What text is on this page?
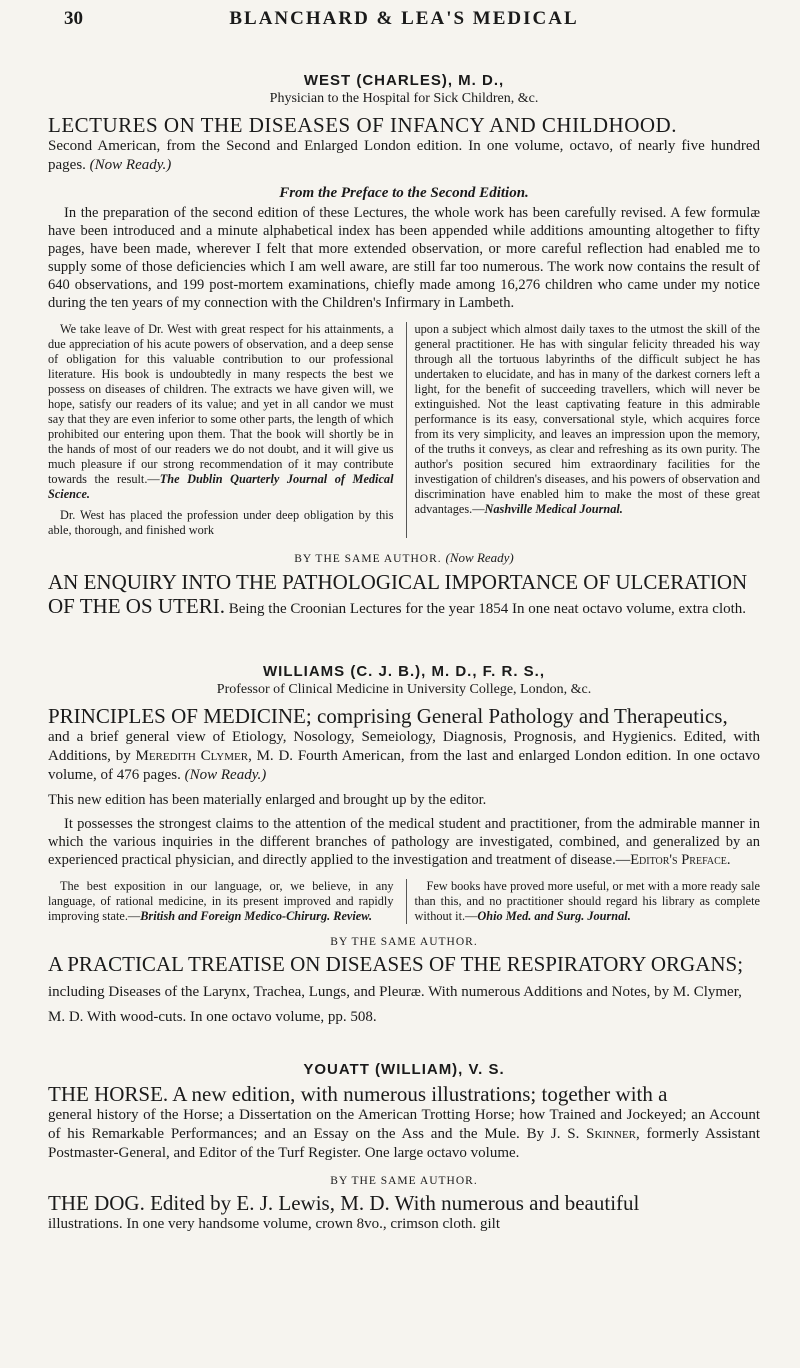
30	BLANCHARD & LEA'S MEDICAL

WEST (CHARLES), M. D.,

Physician to the Hospital for Sick Children, &c.

LECTURES ON THE DISEASES OF INFANCY AND CHILDHOOD.

Second American, from the Second and Enlarged London edition. In one volume, octavo, of nearly five hundred pages. (Now Ready.)

From the Preface to the Second Edition.

In the preparation of the second edition of these Lectures, the whole work has been carefully revised. A few formulæ have been introduced and a minute alphabetical index has been appended while additions amounting altogether to fifty pages, have been made, wherever I felt that more extended observation, or more careful reflection had enabled me to supply some of those deficiencies which I am well aware, are still far too numerous. The work now contains the result of 640 observations, and 199 post-mortem examinations, chiefly made among 16,276 children who came under my notice during the ten years of my connection with the Children's Infirmary in Lambeth.

We take leave of Dr. West with great respect for his attainments, a due appreciation of his acute powers of observation, and a deep sense of obligation for this valuable contribution to our professional literature. His book is undoubtedly in many respects the best we possess on diseases of children. The extracts we have given will, we hope, satisfy our readers of its value; and yet in all candor we must say that they are even inferior to some other parts, the length of which prohibited our entering upon them. That the book will shortly be in the hands of most of our readers we do not doubt, and it will give us much pleasure if our strong recommendation of it may contribute towards the result.—The Dublin Quarterly Journal of Medical Science.

Dr. West has placed the profession under deep obligation by this able, thorough, and finished work

upon a subject which almost daily taxes to the utmost the skill of the general practitioner. He has with singular felicity threaded his way through all the tortuous labyrinths of the difficult subject he has undertaken to elucidate, and has in many of the darkest corners left a light, for the benefit of succeeding travellers, which will never be extinguished. Not the least captivating feature in this admirable performance is its easy, conversational style, which acquires force from its very simplicity, and leaves an impression upon the memory, of the truths it conveys, as clear and refreshing as its own purity. The author's position secured him extraordinary facilities for the investigation of children's diseases, and his powers of observation and discrimination have enabled him to make the most of these great advantages.—Nashville Medical Journal.

BY THE SAME AUTHOR. (Now Ready)

AN ENQUIRY INTO THE PATHOLOGICAL IMPORTANCE OF ULCERATION OF THE OS UTERI. Being the Croonian Lectures for the year 1854 In one neat octavo volume, extra cloth.

WILLIAMS (C. J. B.), M. D., F. R. S.,

Professor of Clinical Medicine in University College, London, &c.

PRINCIPLES OF MEDICINE; comprising General Pathology and Therapeutics,

and a brief general view of Etiology, Nosology, Semeiology, Diagnosis, Prognosis, and Hygienics. Edited, with Additions, by Meredith Clymer, M. D. Fourth American, from the last and enlarged London edition. In one octavo volume, of 476 pages. (Now Ready.)

This new edition has been materially enlarged and brought up by the editor.

It possesses the strongest claims to the attention of the medical student and practitioner, from the admirable manner in which the various inquiries in the different branches of pathology are investigated, combined, and generalized by an experienced practical physician, and directly applied to the investigation and treatment of disease.—Editor's Preface.

The best exposition in our language, or, we believe, in any language, of rational medicine, in its present improved and rapidly improving state.—British and Foreign Medico-Chirurg. Review.

Few books have proved more useful, or met with a more ready sale than this, and no practitioner should regard his library as complete without it.—Ohio Med. and Surg. Journal.

BY THE SAME AUTHOR.

A PRACTICAL TREATISE ON DISEASES OF THE RESPIRATORY ORGANS; including Diseases of the Larynx, Trachea, Lungs, and Pleuræ. With numerous Additions and Notes, by M. Clymer, M. D. With wood-cuts. In one octavo volume, pp. 508.

YOUATT (WILLIAM), V. S.

THE HORSE. A new edition, with numerous illustrations; together with a

general history of the Horse; a Dissertation on the American Trotting Horse; how Trained and Jockeyed; an Account of his Remarkable Performances; and an Essay on the Ass and the Mule. By J. S. Skinner, formerly Assistant Postmaster-General, and Editor of the Turf Register. One large octavo volume.

BY THE SAME AUTHOR.

THE DOG. Edited by E. J. Lewis, M. D. With numerous and beautiful

illustrations. In one very handsome volume, crown 8vo., crimson cloth. gilt
